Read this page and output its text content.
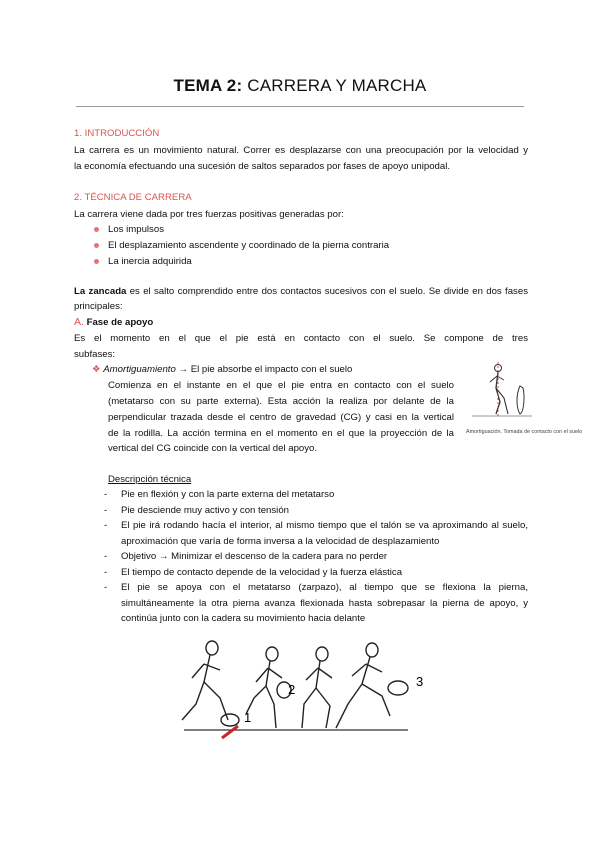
TEMA 2: CARRERA Y MARCHA
1. INTRODUCCIÓN
La carrera es un movimiento natural. Correr es desplazarse con una preocupación por la velocidad y
la economía efectuando una sucesión de saltos separados por fases de apoyo unipodal.
2. TÉCNICA DE CARRERA
La carrera viene dada por tres fuerzas positivas generadas por:
Los impulsos
El desplazamiento ascendente y coordinado de la pierna contraria
La inercia adquirida
La zancada es el salto comprendido entre dos contactos sucesivos con el suelo. Se divide en dos fases
principales:
A. Fase de apoyo
Es el momento en el que el pie está en contacto con el suelo. Se compone de tres
subfases:
❖ Amortiguamiento → El pie absorbe el impacto con el suelo
Comienza en el instante en el que el pie entra en contacto con el suelo
(metatarso con su parte externa). Esta acción la realiza por delante de la
perpendicular trazada desde el centro de gravedad (CG) y casi en la vertical
de la rodilla. La acción termina en el momento en el que la proyección de la
vertical del CG coincide con la vertical del apoyo.
Amortiguación. Tomada de contacto con el suelo
Descripción técnica
- Pie en flexión y con la parte externa del metatarso
- Pie desciende muy activo y con tensión
- El pie irá rodando hacía el interior, al mismo tiempo que el talón se va aproximando al suelo, aproximación que varía de forma inversa a la velocidad de desplazamiento
- Objetivo → Minimizar el descenso de la cadera para no perder
- El tiempo de contacto depende de la velocidad y la fuerza elástica
- El pie se apoya con el metatarso (zarpazo), al tiempo que se flexiona la pierna, simultáneamente la otra pierna avanza flexionada hasta sobrepasar la pierna de apoyo, y continúa junto con la cadera su movimiento hacia delante
1
2
3
